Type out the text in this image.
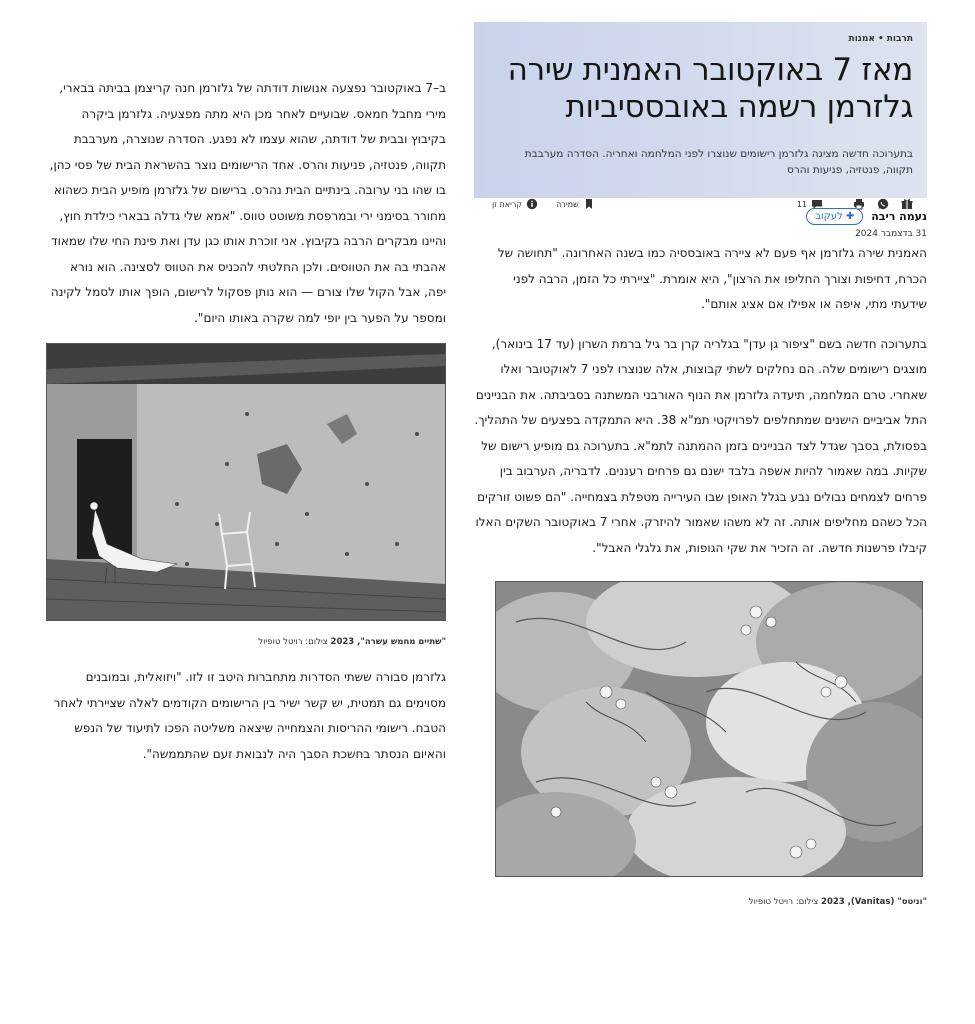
תרבות•אמנות
מאז 7 באוקטובר האמנית שירה גלזרמן רשמה באובססיביות
בתערוכה חדשה מציגה גלזרמן רישומים שנוצרו לפני המלחמה ואחריה. הסדרה מערבבת תקווה, פנטזיה, פניעות והרס
11
שמירה
קריאת זן
נעמה ריבה
✚
לעקוב
31 בדצמבר 2024

האמנית שירה גלזרמן אף פעם לא ציירה באובססיה כמו בשנה האחרונה. "תחושה של הכרח, דחיפות וצורך החליפו את הרצון", היא אומרת. "ציירתי כל הזמן, הרבה לפני שידעתי מתי, איפה או אפילו אם אציג אותם".

בתערוכה חדשה בשם "ציפור גן עדן" בגלריה קרן בר גיל ברמת השרון (עד 17 בינואר), מוצגים רישומים שלה. הם נחלקים לשתי קבוצות, אלה שנוצרו לפני 7 לאוקטובר ואלו שאחרי. טרם המלחמה, תיעדה גלזרמן את הנוף האורבני המשתנה בסביבתה. את הבניינים התל אביביים הישנים שמתחלפים לפרויקטי תמ"א 38. היא התמקדה בפצעים של התהליך. בפסולת, בסבך שגדל לצד הבניינים בזמן ההמתנה לתמ"א. בתערוכה גם מופיע רישום של שקיות. במה שאמור להיות אשפה בלבד ישנם גם פרחים רעננים. לדבריה, הערבוב בין פרחים לצמחים נבולים נבע בגלל האופן שבו העירייה מטפלת בצמחייה. "הם פשוט זורקים הכל כשהם מחליפים אותה. זה לא משהו שאמור להיזרק. אחרי 7 באוקטובר השקים האלו קיבלו פרשנות חדשה. זה הזכיר את שקי הגופות, את גלגלי האבל".

"וניטס" (Vanitas), 2023 צילום: רויטל טופיול

ב–7 באוקטובר נפצעה אנושות דודתה של גלזרמן חנה קריצמן בביתה בבארי, מירי מחבל חמאס. שבועיים לאחר מכן היא מתה מפצעיה. גלזרמן ביקרה בקיבוץ ובבית של דודתה, שהוא עצמו לא נפגע. הסדרה שנוצרה, מערבבת תקווה, פנטזיה, פניעות והרס. אחד הרישומים נוצר בהשראת הבית של פסי כהן, בו שהו בני ערובה. בינתיים הבית נהרס. ברישום של גלזרמן מופיע הבית כשהוא מחורר בסימני ירי ובמרפסת משוטט טווס. "אמא שלי גדלה בבארי כילדת חוץ, והיינו מבקרים הרבה בקיבוץ. אני זוכרת אותו כגן עדן ואת פינת החי שלו שמאוד אהבתי בה את הטווסים. ולכן החלטתי להכניס את הטווס לסצינה. הוא נורא יפה, אבל הקול שלו צורם — הוא נותן פסקול לרישום, הופך אותו לסמל לקינה ומספר על הפער בין יופי למה שקרה באותו היום".

"שתיים מחמש עשרה", 2023 צילום: רויטל טופיול

גלזרמן סבורה ששתי הסדרות מתחברות היטב זו לזו. "ויזואלית, ובמובנים מסוימים גם תמטית, יש קשר ישיר בין הרישומים הקודמים לאלה שציירתי לאחר הטבח. רישומי ההריסות והצמחייה שיצאה משליטה הפכו לתיעוד של הנפש והאיום הנסתר בחשכת הסבך היה לנבואת זעם שהתממשה".
